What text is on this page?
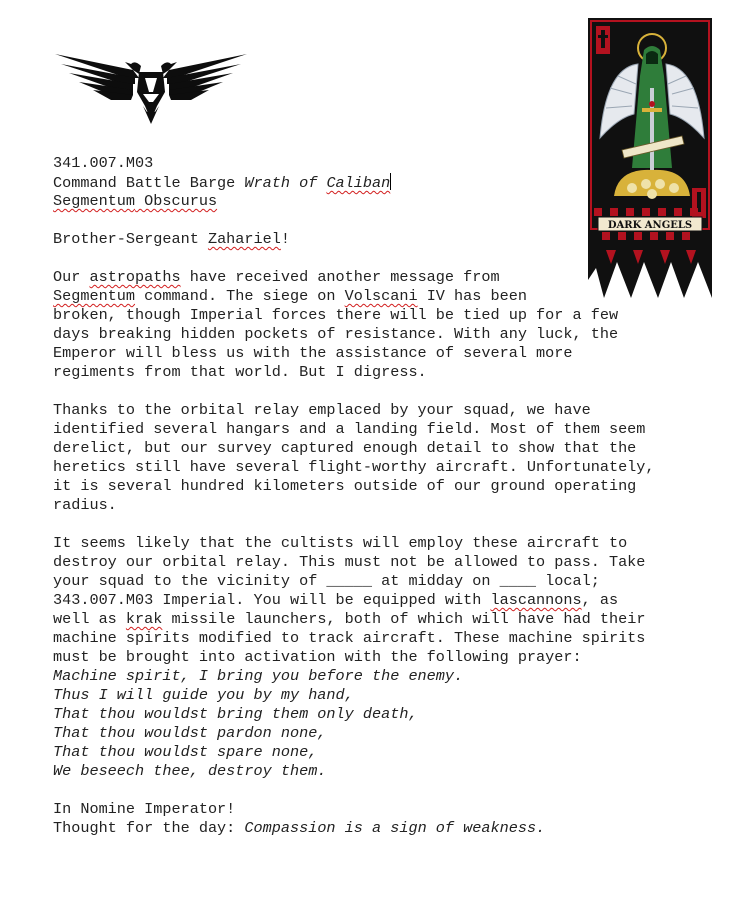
DARK ANGELS
341.007.M03
Command Battle Barge Wrath of Caliban
Segmentum Obscurus
Brother-Sergeant Zahariel!
Our astropaths have received another message from
Segmentum command. The siege on Volscani IV has been
broken, though Imperial forces there will be tied up for a few
days breaking hidden pockets of resistance. With any luck, the
Emperor will bless us with the assistance of several more
regiments from that world. But I digress.
Thanks to the orbital relay emplaced by your squad, we have
identified several hangars and a landing field. Most of them seem
derelict, but our survey captured enough detail to show that the
heretics still have several flight-worthy aircraft. Unfortunately,
it is several hundred kilometers outside of our ground operating
radius.
It seems likely that the cultists will employ these aircraft to
destroy our orbital relay. This must not be allowed to pass. Take
your squad to the vicinity of _____ at midday on ____ local;
343.007.M03 Imperial. You will be equipped with lascannons, as
well as krak missile launchers, both of which will have had their
machine spirits modified to track aircraft. These machine spirits
must be brought into activation with the following prayer:
Machine spirit, I bring you before the enemy.
Thus I will guide you by my hand,
That thou wouldst bring them only death,
That thou wouldst pardon none,
That thou wouldst spare none,
We beseech thee, destroy them.
In Nomine Imperator!
Thought for the day: Compassion is a sign of weakness.
